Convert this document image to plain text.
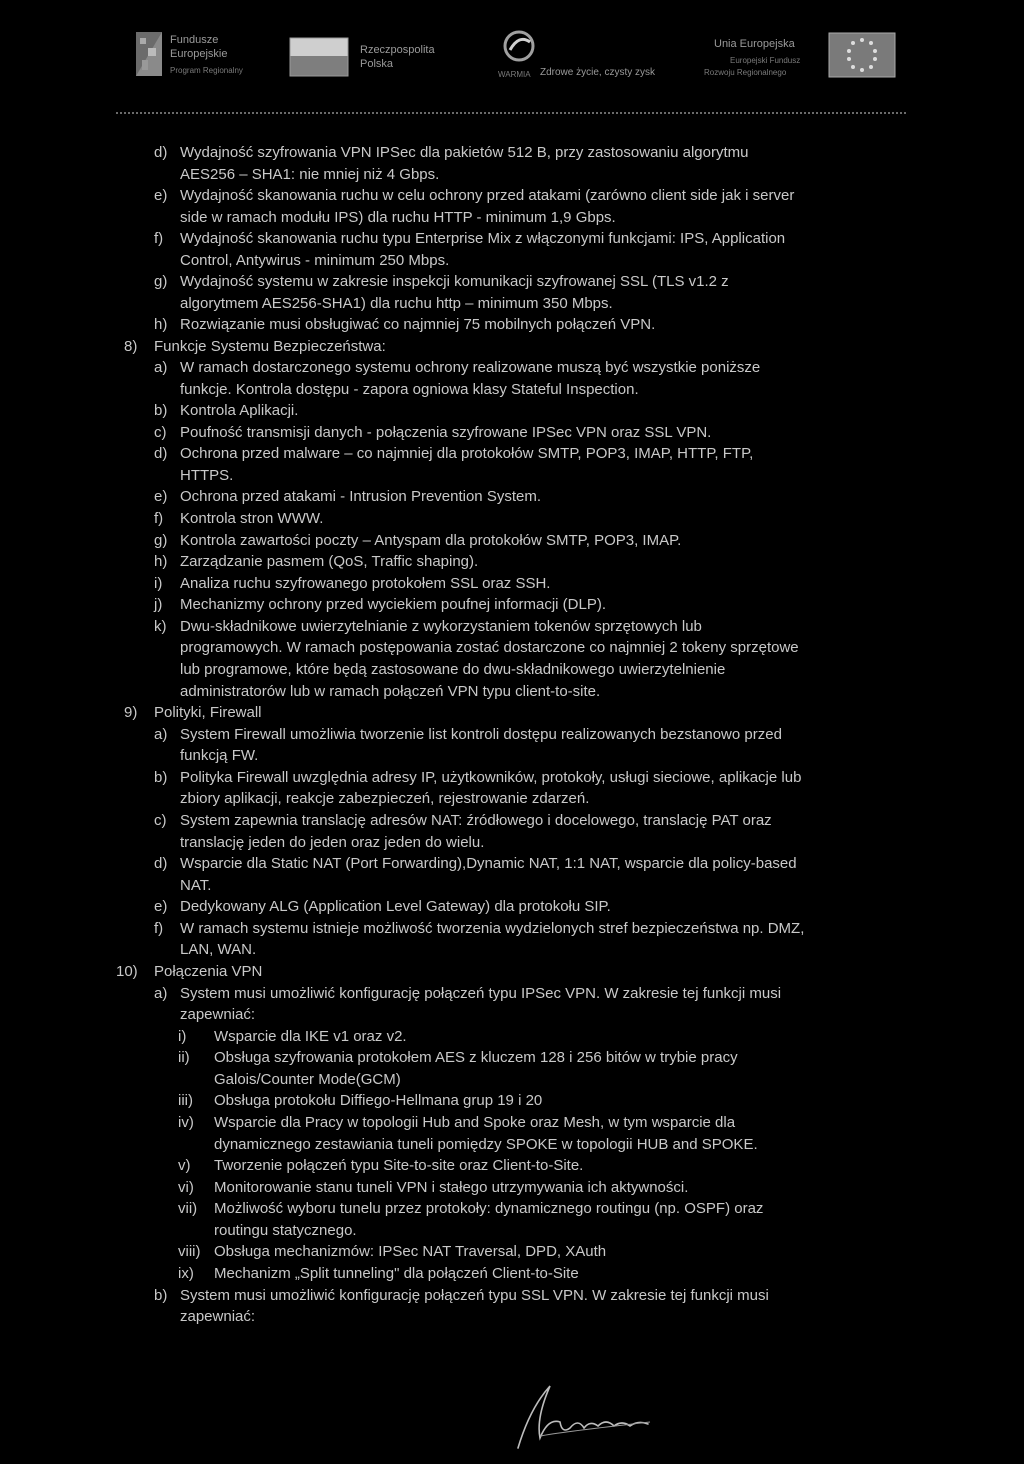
Fundusze
Europejskie
Program Regionalny
Rzeczpospolita
Polska
WARMIA Zdrowe życie, czysty zysk
Unia Europejska
Europejski Fundusz
Rozwoju Regionalnego
d) Wydajność szyfrowania VPN IPSec dla pakietów 512 B, przy zastosowaniu algorytmu
AES256 – SHA1: nie mniej niż 4 Gbps.
e) Wydajność skanowania ruchu w celu ochrony przed atakami (zarówno client side jak i server
side w ramach modułu IPS) dla ruchu HTTP - minimum 1,9 Gbps.
f) Wydajność skanowania ruchu typu Enterprise Mix z włączonymi funkcjami: IPS, Application
Control, Antywirus - minimum 250 Mbps.
g) Wydajność systemu w zakresie inspekcji komunikacji szyfrowanej SSL (TLS v1.2 z
algorytmem AES256-SHA1) dla ruchu http – minimum 350 Mbps.
h) Rozwiązanie musi obsługiwać co najmniej 75 mobilnych połączeń VPN.
8) Funkcje Systemu Bezpieczeństwa:
a) W ramach dostarczonego systemu ochrony realizowane muszą być wszystkie poniższe
funkcje. Kontrola dostępu - zapora ogniowa klasy Stateful Inspection.
b) Kontrola Aplikacji.
c) Poufność transmisji danych - połączenia szyfrowane IPSec VPN oraz SSL VPN.
d) Ochrona przed malware – co najmniej dla protokołów SMTP, POP3, IMAP, HTTP, FTP,
HTTPS.
e) Ochrona przed atakami - Intrusion Prevention System.
f) Kontrola stron WWW.
g) Kontrola zawartości poczty – Antyspam dla protokołów SMTP, POP3, IMAP.
h) Zarządzanie pasmem (QoS, Traffic shaping).
i) Analiza ruchu szyfrowanego protokołem SSL oraz SSH.
j) Mechanizmy ochrony przed wyciekiem poufnej informacji (DLP).
k) Dwu-składnikowe uwierzytelnianie z wykorzystaniem tokenów sprzętowych lub
programowych. W ramach postępowania zostać dostarczone co najmniej 2 tokeny sprzętowe
lub programowe, które będą zastosowane do dwu-składnikowego uwierzytelnienie
administratorów lub w ramach połączeń VPN typu client-to-site.
9) Polityki, Firewall
a) System Firewall umożliwia tworzenie list kontroli dostępu realizowanych bezstanowo przed
funkcją FW.
b) Polityka Firewall uwzględnia adresy IP, użytkowników, protokoły, usługi sieciowe, aplikacje lub
zbiory aplikacji, reakcje zabezpieczeń, rejestrowanie zdarzeń.
c) System zapewnia translację adresów NAT: źródłowego i docelowego, translację PAT oraz
translację jeden do jeden oraz jeden do wielu.
d) Wsparcie dla Static NAT (Port Forwarding),Dynamic NAT, 1:1 NAT, wsparcie dla policy-based
NAT.
e) Dedykowany ALG (Application Level Gateway) dla protokołu SIP.
f) W ramach systemu istnieje możliwość tworzenia wydzielonych stref bezpieczeństwa np. DMZ,
LAN, WAN.
10) Połączenia VPN
a) System musi umożliwić konfigurację połączeń typu IPSec VPN. W zakresie tej funkcji musi
zapewniać:
i) Wsparcie dla IKE v1 oraz v2.
ii) Obsługa szyfrowania protokołem AES z kluczem 128 i 256 bitów w trybie pracy
Galois/Counter Mode(GCM)
iii) Obsługa protokołu Diffiego-Hellmana grup 19 i 20
iv) Wsparcie dla Pracy w topologii Hub and Spoke oraz Mesh, w tym wsparcie dla
dynamicznego zestawiania tuneli pomiędzy SPOKE w topologii HUB and SPOKE.
v) Tworzenie połączeń typu Site-to-site oraz Client-to-Site.
vi) Monitorowanie stanu tuneli VPN i stałego utrzymywania ich aktywności.
vii) Możliwość wyboru tunelu przez protokoły: dynamicznego routingu (np. OSPF) oraz
routingu statycznego.
viii) Obsługa mechanizmów: IPSec NAT Traversal, DPD, XAuth
ix) Mechanizm „Split tunneling" dla połączeń Client-to-Site
b) System musi umożliwić konfigurację połączeń typu SSL VPN. W zakresie tej funkcji musi
zapewniać:
